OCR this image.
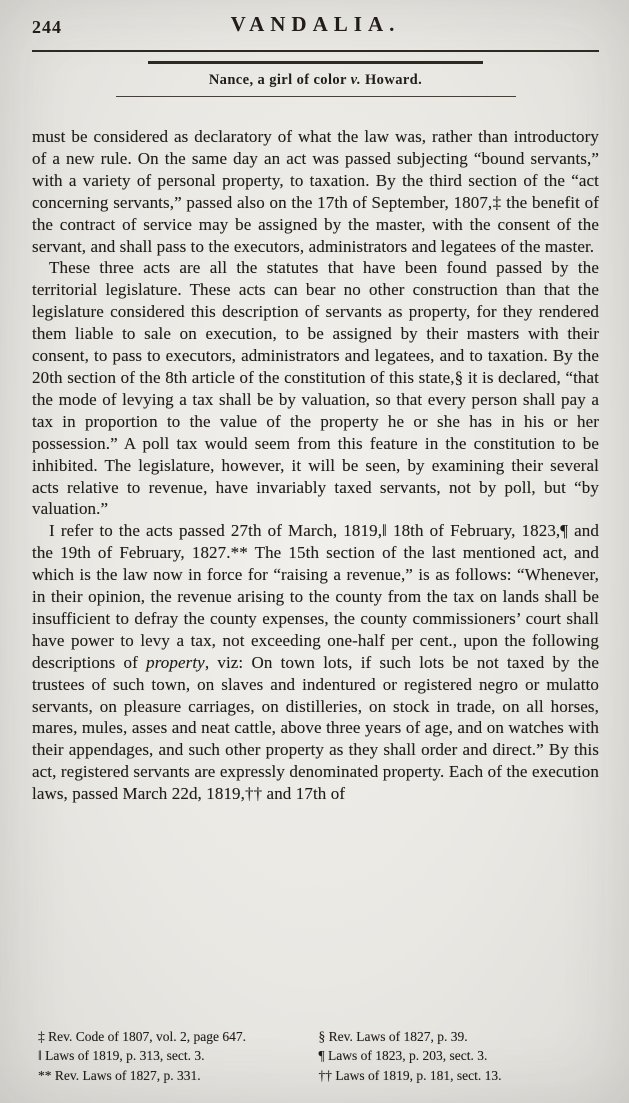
244	VANDALIA.
Nance, a girl of color v. Howard.

must be considered as declaratory of what the law was, rather than introductory of a new rule. On the same day an act was passed subjecting “bound servants,” with a variety of personal property, to taxation. By the third section of the “act concerning servants,” passed also on the 17th of September, 1807,‡ the benefit of the contract of service may be assigned by the master, with the consent of the servant, and shall pass to the executors, administrators and legatees of the master.

These three acts are all the statutes that have been found passed by the territorial legislature. These acts can bear no other construction than that the legislature considered this description of servants as property, for they rendered them liable to sale on execution, to be assigned by their masters with their consent, to pass to executors, administrators and legatees, and to taxation. By the 20th section of the 8th article of the constitution of this state,§ it is declared, “that the mode of levying a tax shall be by valuation, so that every person shall pay a tax in proportion to the value of the property he or she has in his or her possession.” A poll tax would seem from this feature in the constitution to be inhibited. The legislature, however, it will be seen, by examining their several acts relative to revenue, have invariably taxed servants, not by poll, but “by valuation.”

I refer to the acts passed 27th of March, 1819,‖ 18th of February, 1823,¶ and the 19th of February, 1827.** The 15th section of the last mentioned act, and which is the law now in force for “raising a revenue,” is as follows: “Whenever, in their opinion, the revenue arising to the county from the tax on lands shall be insufficient to defray the county expenses, the county commissioners’ court shall have power to levy a tax, not exceeding one-half per cent., upon the following descriptions of property, viz: On town lots, if such lots be not taxed by the trustees of such town, on slaves and indentured or registered negro or mulatto servants, on pleasure carriages, on distilleries, on stock in trade, on all horses, mares, mules, asses and neat cattle, above three years of age, and on watches with their appendages, and such other property as they shall order and direct.” By this act, registered servants are expressly denominated property. Each of the execution laws, passed March 22d, 1819,†† and 17th of

‡ Rev. Code of 1807, vol. 2, page 647.
‖ Laws of 1819, p. 313, sect. 3.
** Rev. Laws of 1827, p. 331.
§ Rev. Laws of 1827, p. 39.
¶ Laws of 1823, p. 203, sect. 3.
†† Laws of 1819, p. 181, sect. 13.
